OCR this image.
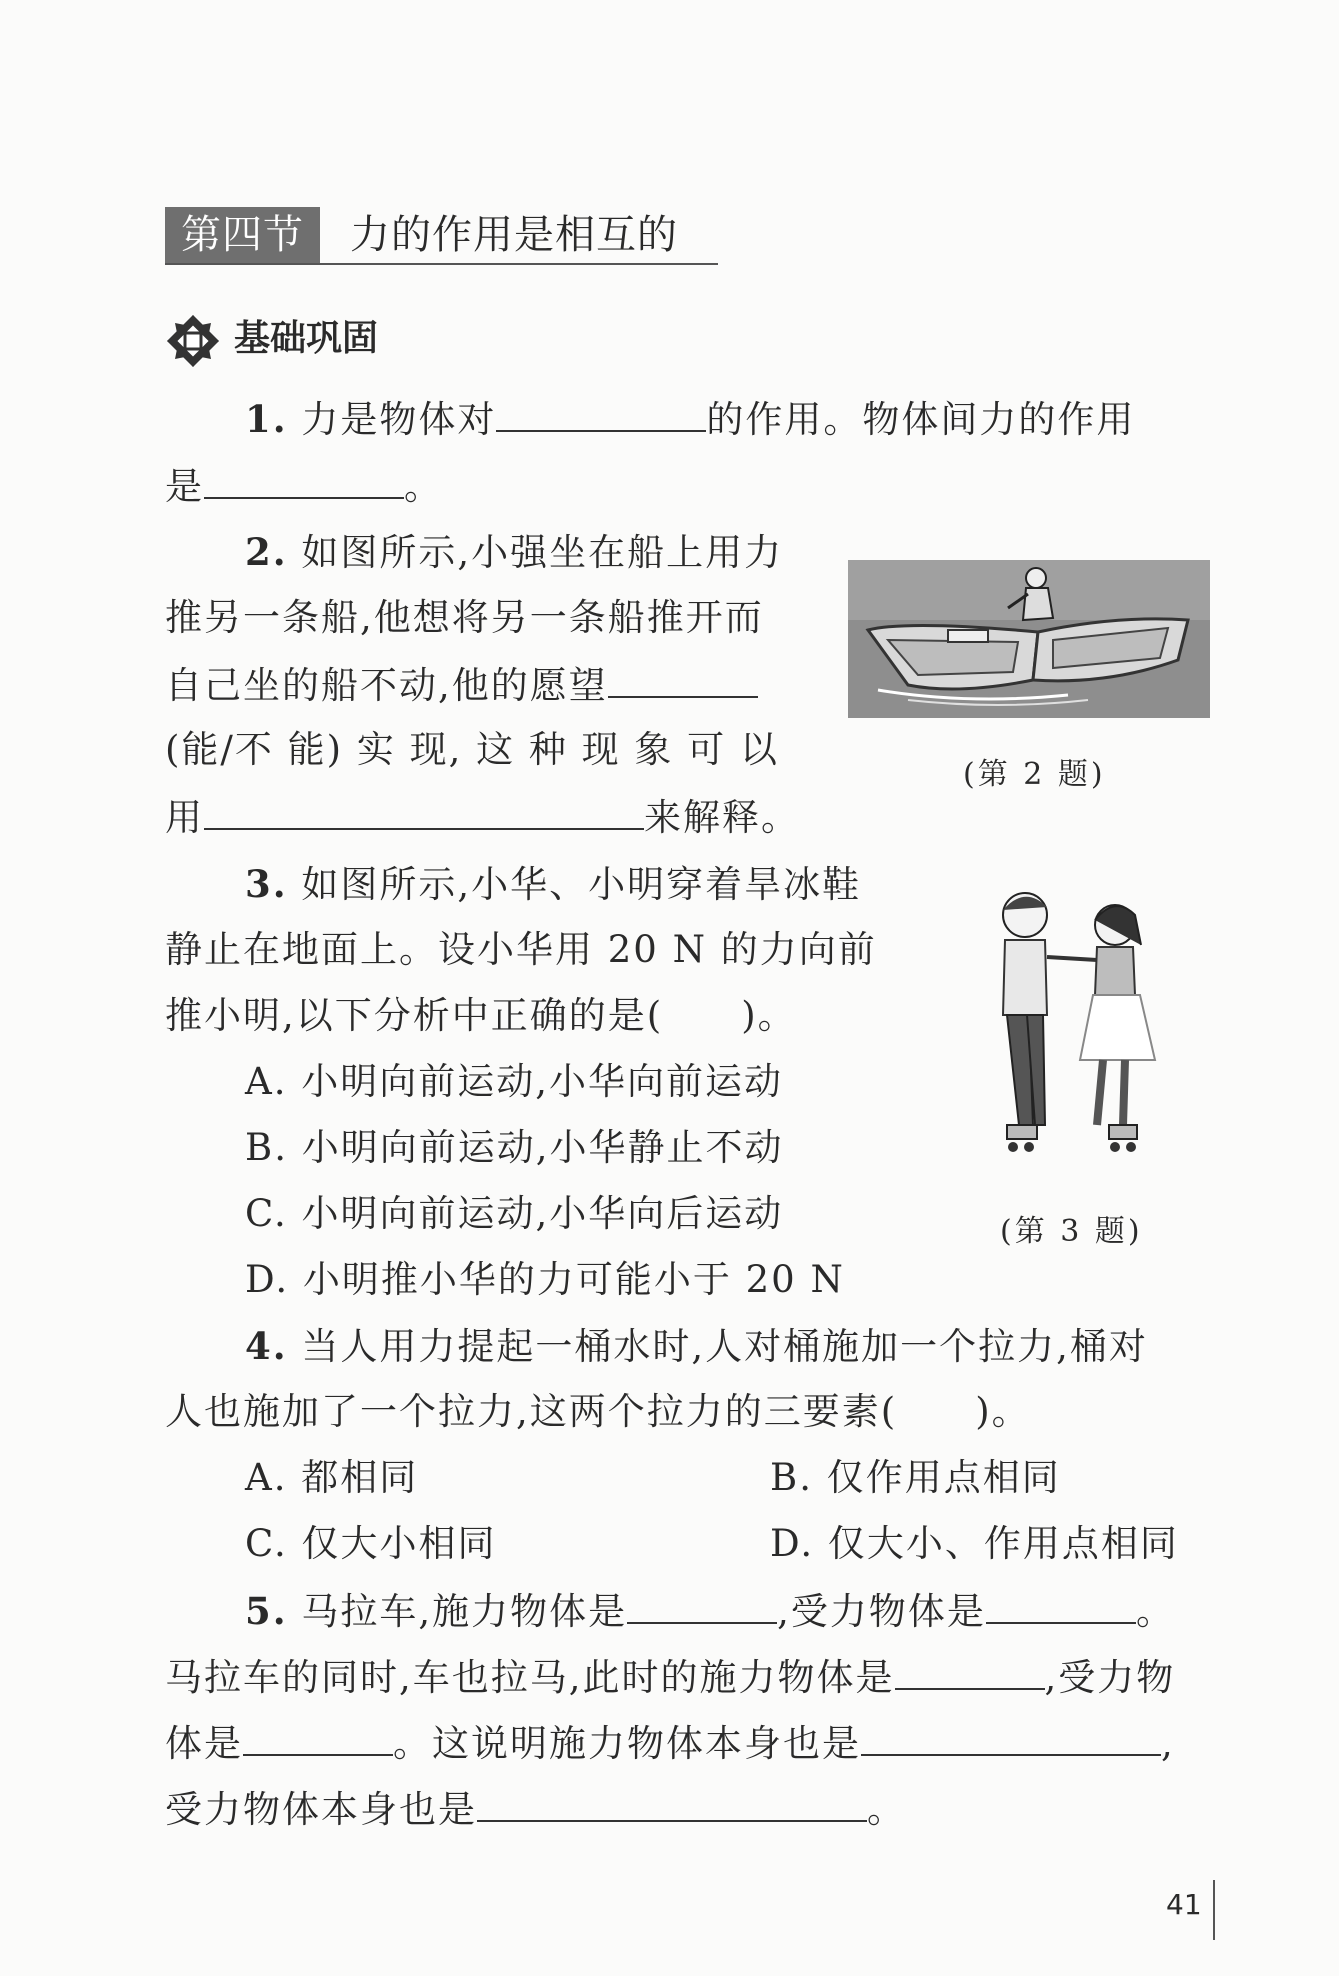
第四节	力的作用是相互的
基础巩固
1. 力是物体对	的作用。物体间力的作用
是	。
2. 如图所示,小强坐在船上用力
推另一条船,他想将另一条船推开而
自己坐的船不动,他的愿望
(能/不 能) 实 现, 这 种 现 象 可 以
用	来解释。
(第 2 题)
3. 如图所示,小华、小明穿着旱冰鞋
静止在地面上。设小华用 20 N 的力向前
推小明,以下分析中正确的是(　　)。
A. 小明向前运动,小华向前运动
B. 小明向前运动,小华静止不动
C. 小明向前运动,小华向后运动
D. 小明推小华的力可能小于 20 N
(第 3 题)
4. 当人用力提起一桶水时,人对桶施加一个拉力,桶对
人也施加了一个拉力,这两个拉力的三要素(　　)。
A. 都相同	B. 仅作用点相同
C. 仅大小相同	D. 仅大小、作用点相同
5. 马拉车,施力物体是	,受力物体是	。
马拉车的同时,车也拉马,此时的施力物体是	,受力物
体是	。这说明施力物体本身也是	,
受力物体本身也是	。
41
